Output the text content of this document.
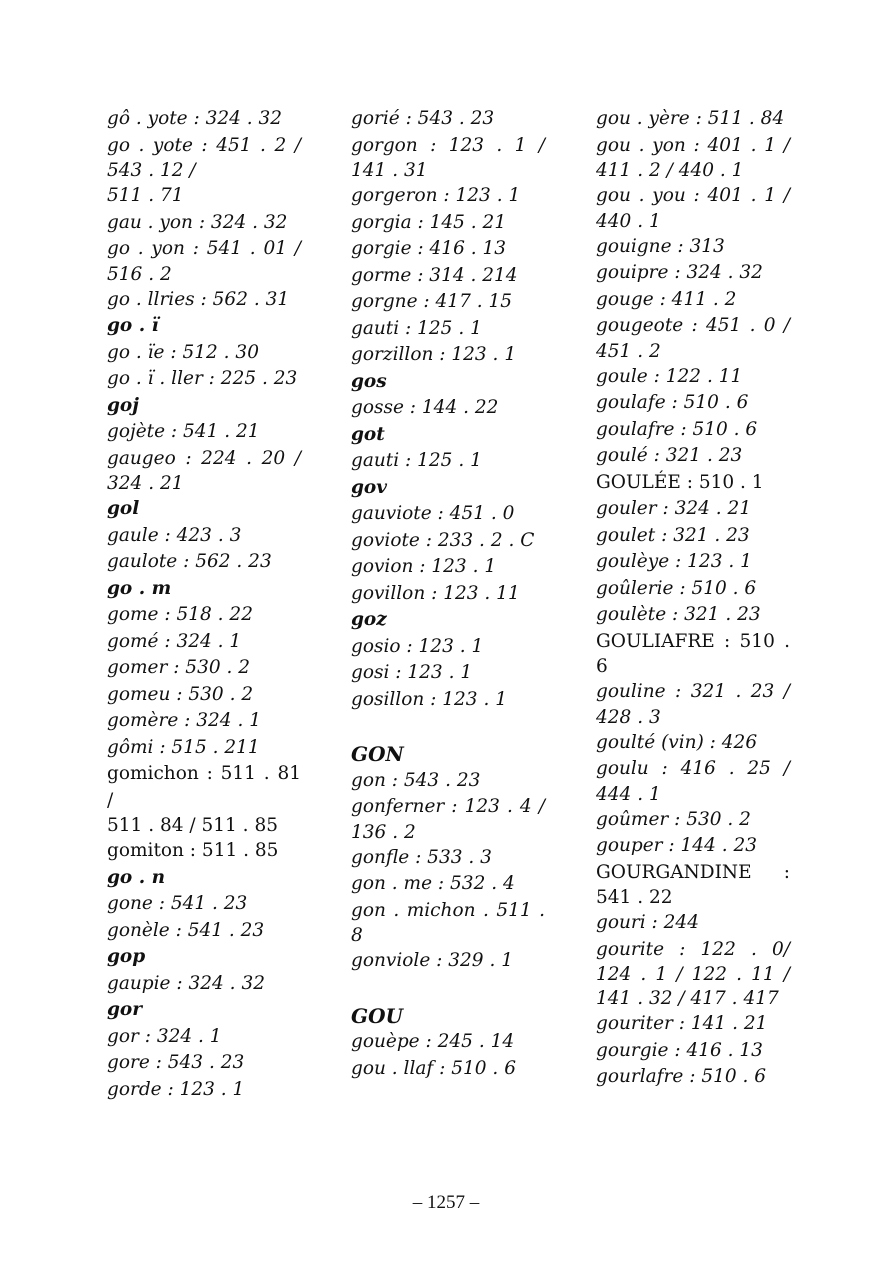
gô . yote : 324 . 32
go . yote : 451 . 2 /
543 . 12 /
511 . 71
gau . yon : 324 . 32
go . yon : 541 . 01 /
516 . 2
go . llries : 562 . 31
go . ï
go . ïe : 512 . 30
go . ï . ller : 225 . 23
goj
gojète : 541 . 21
gaugeo : 224 . 20 /
324 . 21
gol
gaule : 423 . 3
gaulote : 562 . 23
go . m
gome : 518 . 22
gomé : 324 . 1
gomer : 530 . 2
gomeu : 530 . 2
gomère : 324 . 1
gômi : 515 . 211
gomichon : 511 . 81 /
511 . 84 / 511 . 85
gomiton : 511 . 85
go . n
gone : 541 . 23
gonèle : 541 . 23
gop
gaupie : 324 . 32
gor
gor : 324 . 1
gore : 543 . 23
gorde : 123 . 1
gorié : 543 . 23
gorgon : 123 . 1 /
141 . 31
gorgeron : 123 . 1
gorgia : 145 . 21
gorgie : 416 . 13
gorme : 314 . 214
gorgne : 417 . 15
gauti : 125 . 1
gorzillon : 123 . 1
gos
gosse : 144 . 22
got
gauti : 125 . 1
gov
gauviote : 451 . 0
goviote : 233 . 2 . C
govion : 123 . 1
govillon : 123 . 11
goz
gosio : 123 . 1
gosi : 123 . 1
gosillon : 123 . 1
GON
gon : 543 . 23
gonferner : 123 . 4 /
136 . 2
gonfle : 533 . 3
gon . me : 532 . 4
gon . michon . 511 .
8
gonviole : 329 . 1
GOU
gouèpe : 245 . 14
gou . llaf : 510 . 6
gou . yère : 511 . 84
gou . yon : 401 . 1 /
411 . 2 / 440 . 1
gou . you : 401 . 1 /
440 . 1
gouigne : 313
gouipre : 324 . 32
gouge : 411 . 2
gougeote : 451 . 0 /
451 . 2
goule : 122 . 11
goulafe : 510 . 6
goulafre : 510 . 6
goulé : 321 . 23
GOULÉE : 510 . 1
gouler : 324 . 21
goulet : 321 . 23
goulèye : 123 . 1
goûlerie : 510 . 6
goulète : 321 . 23
GOULIAFRE : 510 .
6
gouline : 321 . 23 /
428 . 3
goulté (vin) : 426
goulu : 416 . 25 /
444 . 1
goûmer : 530 . 2
gouper : 144 . 23
GOURGANDINE :
541 . 22
gouri : 244
gourite : 122 . 0/
124 . 1 / 122 . 11 /
141 . 32 / 417 . 417
gouriter : 141 . 21
gourgie : 416 . 13
gourlafre : 510 . 6
– 1257 –
